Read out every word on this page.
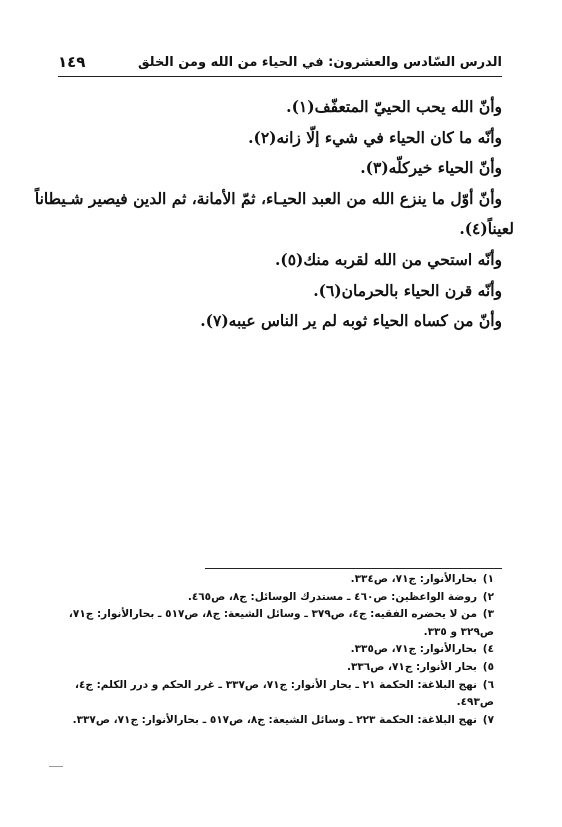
الدرس السّادس والعشرون: في الحياء من الله ومن الخلق
١٤٩
وأنّ الله يحب الحييّ المتعفّف(١).
وأنّه ما كان الحياء في شيء إلّا زانه(٢).
وأنّ الحياء خيركلّه(٣).
وأنّ أوّل ما ينزع الله من العبد الحيـاء، ثمّ الأمانة، ثم الدين فيصير شـيطاناً
لعيناً(٤).
وأنّه استحي من الله لقربه منك(٥).
وأنّه قرن الحياء بالحرمان(٦).
وأنّ من كساه الحياء ثوبه لم ير الناس عيبه(٧).
١)بحارالأنوار: ج٧١، ص٣٣٤.
٢)روضة الواعظين: ص٤٦٠ ـ مستدرك الوسائل: ج٨، ص٤٦٥.
٣)من لا يحضره الفقيه: ج٤، ص٣٧٩ ـ وسائل الشيعة: ج٨، ص٥١٧ ـ بحارالأنوار: ج٧١،
ص٣٢٩ و ٣٣٥.
٤)بحارالأنوار: ج٧١، ص٣٣٥.
٥)بحار الأنوار: ج٧١، ص٣٣٦.
٦)نهج البلاغة: الحكمة ٢١ ـ بحار الأنوار: ج٧١، ص٣٣٧ ـ غرر الحكم و درر الكلم: ج٤،
ص٤٩٣.
٧)نهج البلاغة: الحكمة ٢٢٣ ـ وسائل الشيعة: ج٨، ص٥١٧ ـ بحارالأنوار: ج٧١، ص٣٣٧.
